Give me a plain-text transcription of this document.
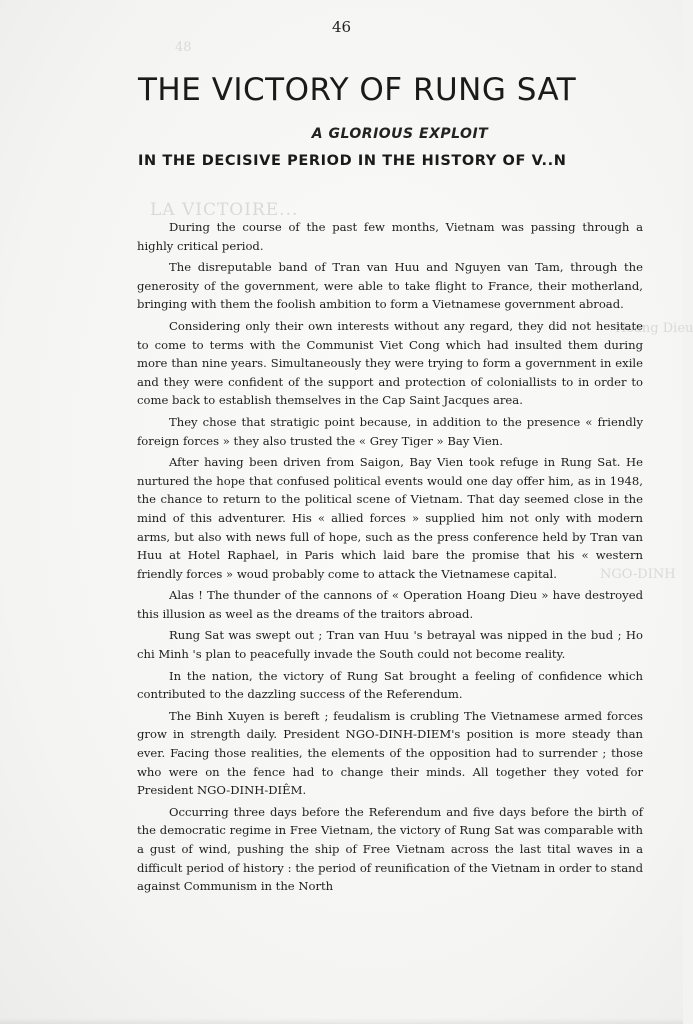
48
LA VICTOIRE...
NGO-DINH
Hoang Dieu
46
THE VICTORY OF RUNG SAT
A GLORIOUS EXPLOIT
IN THE DECISIVE PERIOD IN THE HISTORY OF V..N

During the course of the past few months, Vietnam was passing through a highly critical period.

The disreputable band of Tran van Huu and Nguyen van Tam, through the generosity of the government, were able to take flight to France, their motherland, bringing with them the foolish ambition to form a Vietnamese government abroad.

Considering only their own interests without any regard, they did not hesitate to come to terms with the Communist Viet Cong which had insulted them during more than nine years. Simultaneously they were trying to form a government in exile and they were confident of the support and protection of coloniallists to in order to come back to establish themselves in the Cap Saint Jacques area.

They chose that stratigic point because, in addition to the presence « friendly foreign forces » they also trusted the « Grey Tiger » Bay Vien.

After having been driven from Saigon, Bay Vien took refuge in Rung Sat. He nurtured the hope that confused political events would one day offer him, as in 1948, the chance to return to the political scene of Vietnam. That day seemed close in the mind of this adventurer. His « allied forces » supplied him not only with modern arms, but also with news full of hope, such as the press conference held by Tran van Huu at Hotel Raphael, in Paris which laid bare the promise that his « western friendly forces » woud probably come to attack the Vietnamese capital.

Alas ! The thunder of the cannons of « Operation Hoang Dieu » have destroyed this illusion as weel as the dreams of the traitors abroad.

Rung Sat was swept out ; Tran van Huu 's betrayal was nipped in the bud ; Ho chi Minh 's plan to peacefully invade the South could not become reality.

In the nation, the victory of Rung Sat brought a feeling of confidence which contributed to the dazzling success of the Referendum.

The Binh Xuyen is bereft ; feudalism is crubling The Vietnamese armed forces grow in strength daily. President NGO-DINH-DIEM's position is more steady than ever. Facing those realities, the elements of the opposition had to surrender ; those who were on the fence had to change their minds. All together they voted for President NGO-DINH-DIÊM.

Occurring three days before the Referendum and five days before the birth of the democratic regime in Free Vietnam, the victory of Rung Sat was comparable with a gust of wind, pushing the ship of Free Vietnam across the last tital waves in a difficult period of history : the period of reunification of the Vietnam in order to stand against Communism in the North
